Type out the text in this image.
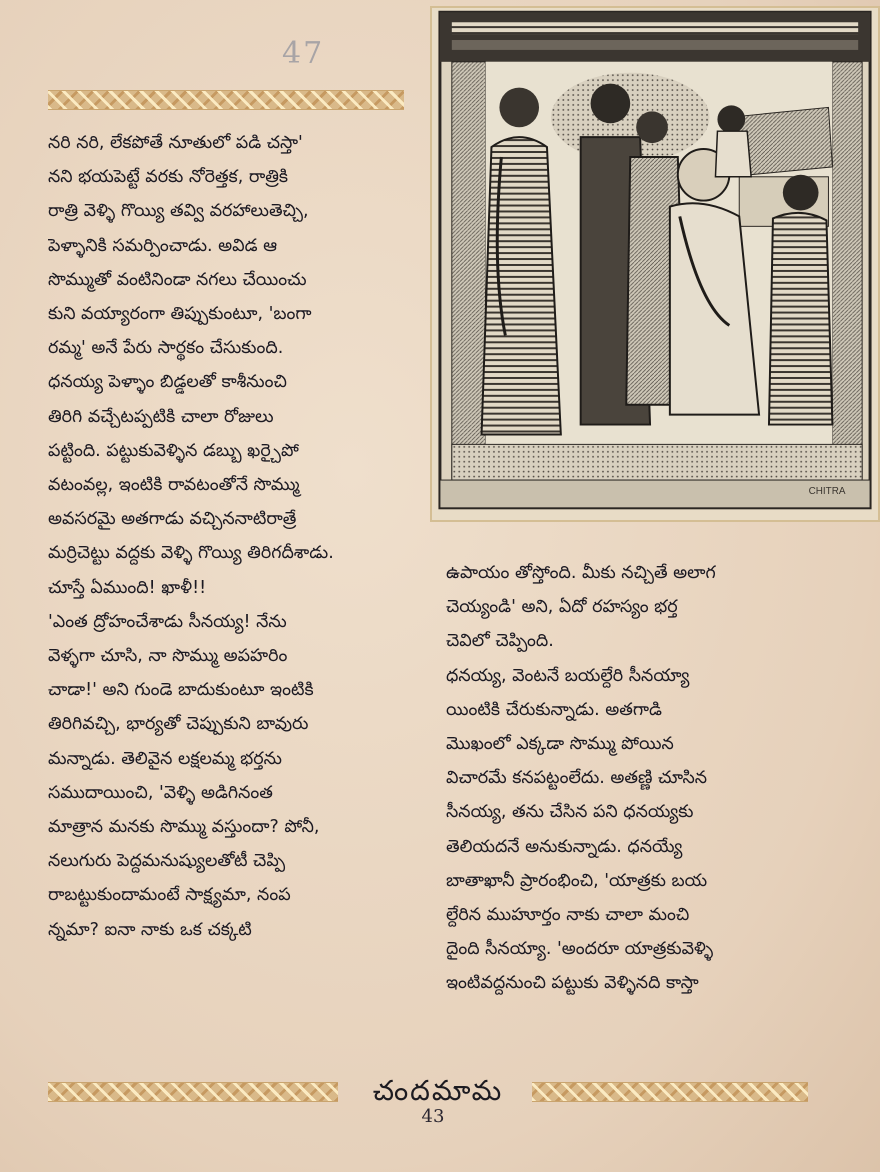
47

నరి నరి, లేకపోతే నూతులో పడి చస్తా'

నని భయపెట్టే వరకు నోరెత్తక, రాత్రికి

రాత్రి వెళ్ళి గొయ్యి తవ్వి వరహాలుతెచ్చి,

పెళ్ళానికి సమర్పించాడు. అవిడ ఆ

సొమ్ముతో వంటినిండా నగలు చేయించు

కుని వయ్యారంగా తిప్పుకుంటూ, 'బంగా

రమ్మ' అనే పేరు సార్థకం చేసుకుంది.

ధనయ్య పెళ్ళాం బిడ్డలతో కాశీనుంచి

తిరిగి వచ్చేటప్పటికి చాలా రోజులు

పట్టింది. పట్టుకువెళ్ళిన డబ్బు ఖర్చైపో

వటంవల్ల, ఇంటికి రావటంతోనే సొమ్ము

అవసరమై అతగాడు వచ్చిననాటిరాత్రే

మర్రిచెట్టు వద్దకు వెళ్ళి గొయ్యి తిరిగదీశాడు.

చూస్తే ఏముంది! ఖాళీ!!

'ఎంత ద్రోహంచేశాడు సీనయ్య! నేను

వెళ్ళగా చూసి, నా సొమ్ము అపహరిం

చాడా!' అని గుండె బాదుకుంటూ ఇంటికి

తిరిగివచ్చి, భార్యతో చెప్పుకుని బావురు

మన్నాడు. తెలివైన లక్షలమ్మ భర్తను

సముదాయించి, 'వెళ్ళి అడిగినంత

మాత్రాన మనకు సొమ్ము వస్తుందా? పోనీ,

నలుగురు పెద్దమనుష్యులతోటీ చెప్పి

రాబట్టుకుందామంటే సాక్ష్యమా, నంప

న్నమా? ఐనా నాకు ఒక చక్కటి

CHITRA

ఉపాయం తోస్తోంది. మీకు నచ్చితే అలాగ

చెయ్యండి' అని, ఏదో రహస్యం భర్త

చెవిలో చెప్పింది.

ధనయ్య, వెంటనే బయల్దేరి సీనయ్యా

యింటికి చేరుకున్నాడు. అతగాడి

మొఖంలో ఎక్కడా సొమ్ము పోయిన

విచారమే కనపట్టంలేదు. అతణ్ణి చూసిన

సీనయ్య, తను చేసిన పని ధనయ్యకు

తెలియదనే అనుకున్నాడు. ధనయ్యే

బాతాఖానీ ప్రారంభించి, 'యాత్రకు బయ

ల్దేరిన ముహూర్తం నాకు చాలా మంచి

దైంది సీనయ్యా. 'అందరూ యాత్రకువెళ్ళి

ఇంటివద్దనుంచి పట్టుకు వెళ్ళినది కాస్తా

చందమామ
43
